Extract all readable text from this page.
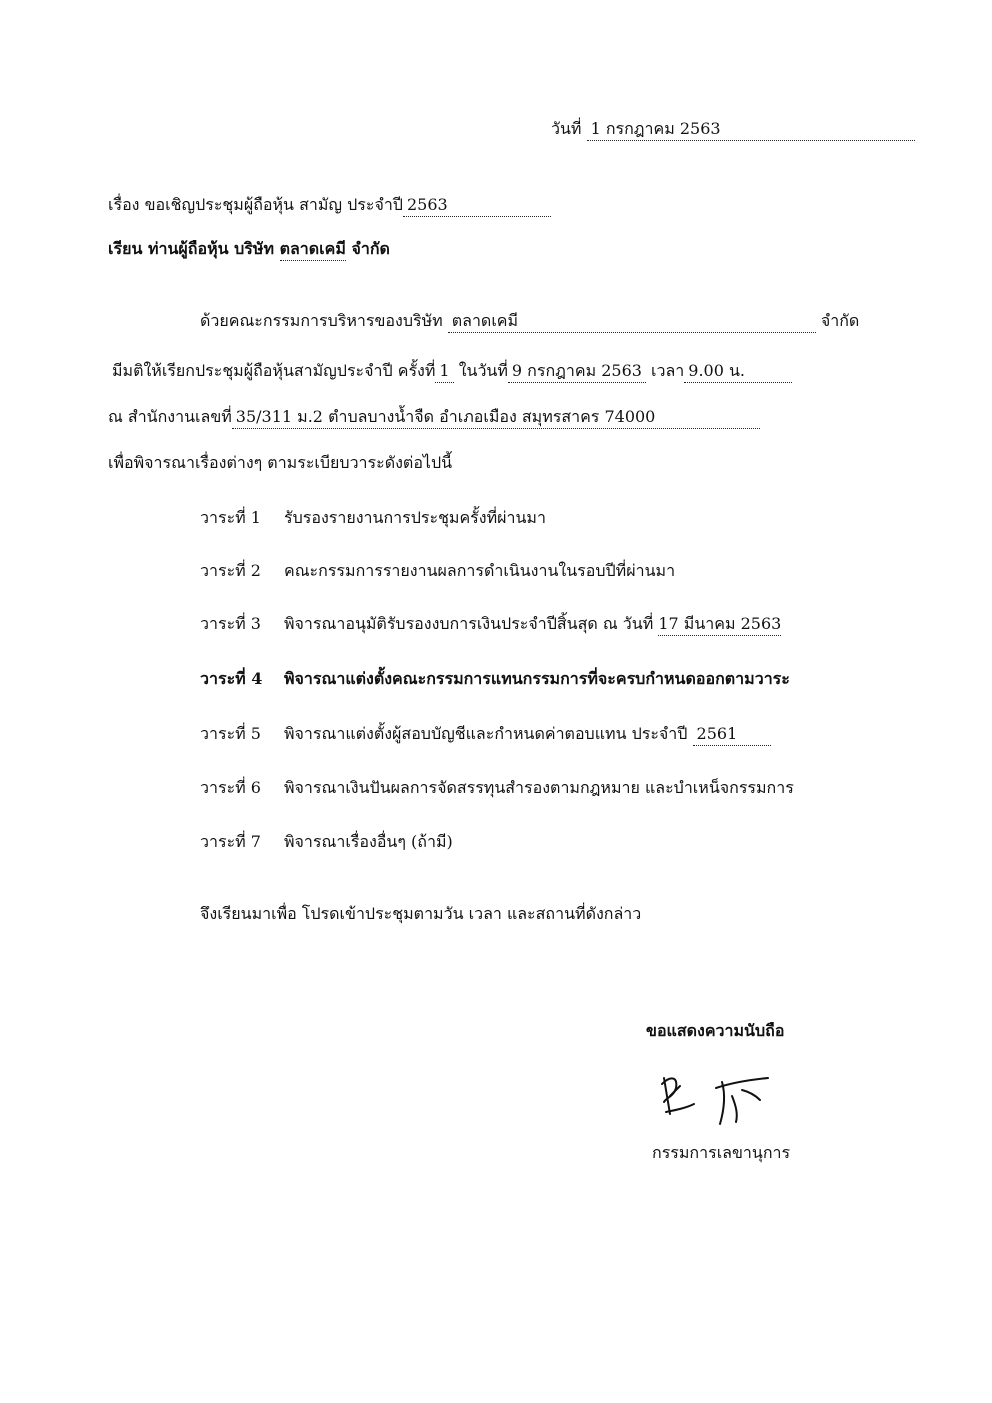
วันที่ 1 กรกฎาคม 2563
เรื่อง ขอเชิญประชุมผู้ถือหุ้น สามัญ ประจำปี 2563
เรียน ท่านผู้ถือหุ้น บริษัท ตลาดเคมี จำกัด
ด้วยคณะกรรมการบริหารของบริษัท ตลาดเคมี	จำกัด
มีมติให้เรียกประชุมผู้ถือหุ้นสามัญประจำปี ครั้งที่ 1 ในวันที่ 9 กรกฎาคม 2563 เวลา 9.00 น.
ณ สำนักงานเลขที่ 35/311 ม.2 ตำบลบางน้ำจืด อำเภอเมือง สมุทรสาคร 74000
เพื่อพิจารณาเรื่องต่างๆ ตามระเบียบวาระดังต่อไปนี้
วาระที่ 1 รับรองรายงานการประชุมครั้งที่ผ่านมา
วาระที่ 2 คณะกรรมการรายงานผลการดำเนินงานในรอบปีที่ผ่านมา
วาระที่ 3 พิจารณาอนุมัติรับรองงบการเงินประจำปีสิ้นสุด ณ วันที่ 17 มีนาคม 2563
วาระที่ 4 พิจารณาแต่งตั้งคณะกรรมการแทนกรรมการที่จะครบกำหนดออกตามวาระ
วาระที่ 5 พิจารณาแต่งตั้งผู้สอบบัญชีและกำหนดค่าตอบแทน ประจำปี 2561
วาระที่ 6 พิจารณาเงินปันผลการจัดสรรทุนสำรองตามกฎหมาย และบำเหน็จกรรมการ
วาระที่ 7 พิจารณาเรื่องอื่นๆ (ถ้ามี)
จึงเรียนมาเพื่อ โปรดเข้าประชุมตามวัน เวลา และสถานที่ดังกล่าว
ขอแสดงความนับถือ
กรรมการเลขานุการ
